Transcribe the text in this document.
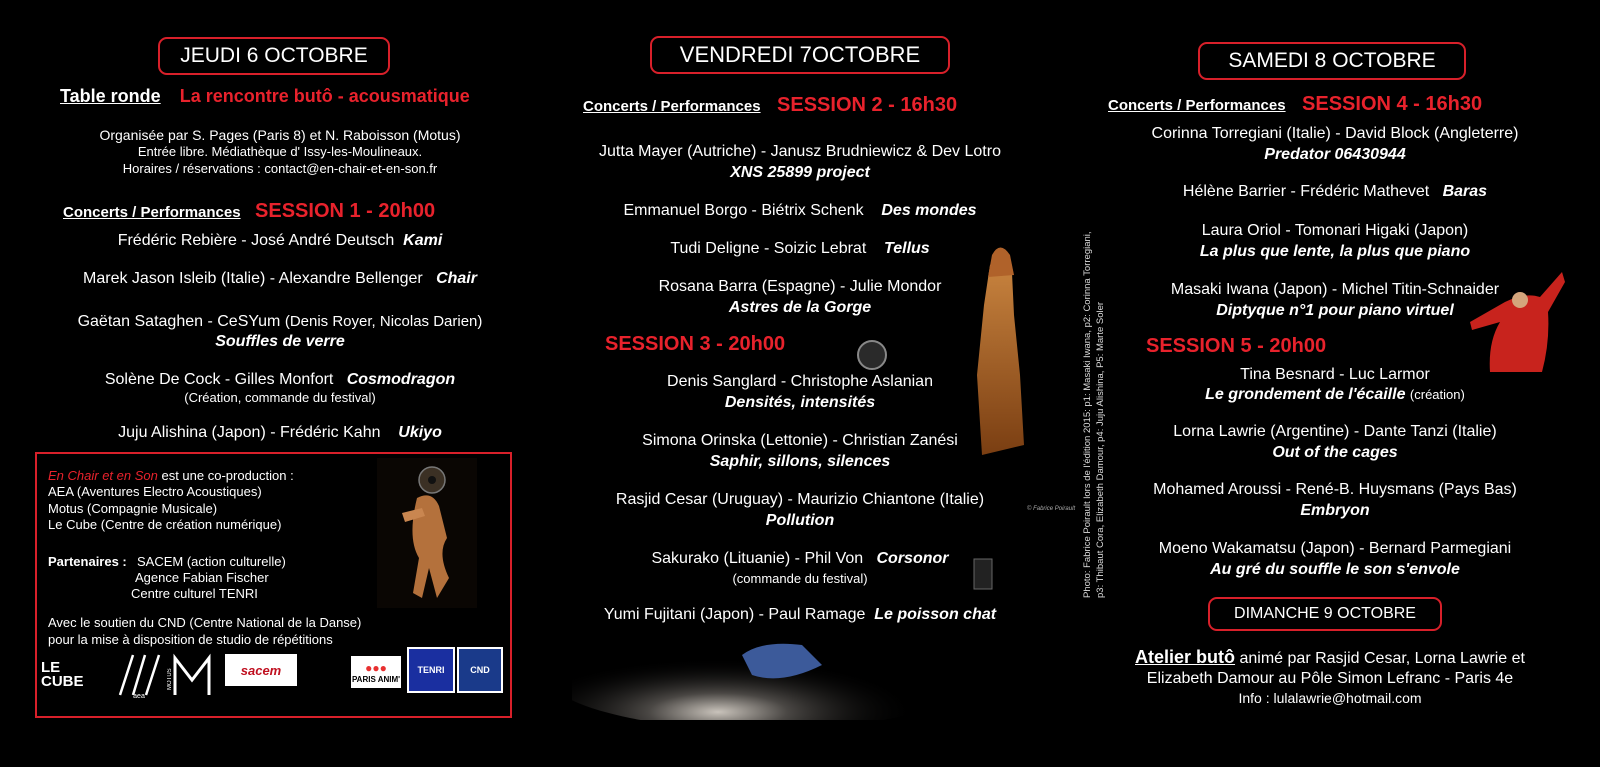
JEUDI 6 OCTOBRE
Table ronde La rencontre butô - acousmatique
Organisée par S. Pages (Paris 8) et N. Raboisson (Motus)
Entrée libre. Médiathèque d' Issy-les-Moulineaux.
Horaires / réservations : contact@en-chair-et-en-son.fr
Concerts / Performances SESSION 1 - 20h00
Frédéric Rebière - José André Deutsch Kami
Marek Jason Isleib (Italie) - Alexandre Bellenger Chair
Gaëtan Sataghen - CeSYum (Denis Royer, Nicolas Darien)
Souffles de verre
Solène De Cock - Gilles Monfort Cosmodragon
(Création, commande du festival)
Juju Alishina (Japon) - Frédéric Kahn Ukiyo
En Chair et en Son est une co-production :
AEA (Aventures Electro Acoustiques)
Motus (Compagnie Musicale)
Le Cube (Centre de création numérique)
Partenaires : SACEM (action culturelle)
Agence Fabian Fischer
Centre culturel TENRI
Avec le soutien du CND (Centre National de la Danse)
pour la mise à disposition de studio de répétitions
LE CUBE
aea
MOTUS	sacem	●●●
PARIS ANIM'
TENRI	CND
VENDREDI 7OCTOBRE
Concerts / Performances SESSION 2 - 16h30
Jutta Mayer (Autriche) - Janusz Brudniewicz & Dev Lotro
XNS 25899 project
Emmanuel Borgo - Biétrix Schenk Des mondes
Tudi Deligne - Soizic Lebrat Tellus
Rosana Barra (Espagne) - Julie Mondor
Astres de la Gorge
SESSION 3 - 20h00
Denis Sanglard - Christophe Aslanian
Densités, intensités
Simona Orinska (Lettonie) - Christian Zanési
Saphir, sillons, silences
Rasjid Cesar (Uruguay) - Maurizio Chiantone (Italie)
Pollution
Sakurako (Lituanie) - Phil Von Corsonor
(commande du festival)
Yumi Fujitani (Japon) - Paul Ramage Le poisson chat
© Fabrice Poirault Photo: Fabrice Poirault lors de l'édition 2015: p1: Masaki Iwana, p2: Corinna Torregiani, p3: Thibaut Cora, Elizabeth Damour, p4: Juju Alishina, P5: Marte Soler
SAMEDI 8 OCTOBRE
Concerts / Performances SESSION 4 - 16h30
Corinna Torregiani (Italie) - David Block (Angleterre)
Predator 06430944
Hélène Barrier - Frédéric Mathevet Baras
Laura Oriol - Tomonari Higaki (Japon)
La plus que lente, la plus que piano
Masaki Iwana (Japon) - Michel Titin-Schnaider
Diptyque n°1 pour piano virtuel
SESSION 5 - 20h00
Tina Besnard - Luc Larmor
Le grondement de l'écaille (création)
Lorna Lawrie (Argentine) - Dante Tanzi (Italie)
Out of the cages
Mohamed Aroussi - René-B. Huysmans (Pays Bas)
Embryon
Moeno Wakamatsu (Japon) - Bernard Parmegiani
Au gré du souffle le son s'envole
DIMANCHE 9 OCTOBRE
Atelier butô animé par Rasjid Cesar, Lorna Lawrie et
Elizabeth Damour au Pôle Simon Lefranc - Paris 4e
Info : lulalawrie@hotmail.com
